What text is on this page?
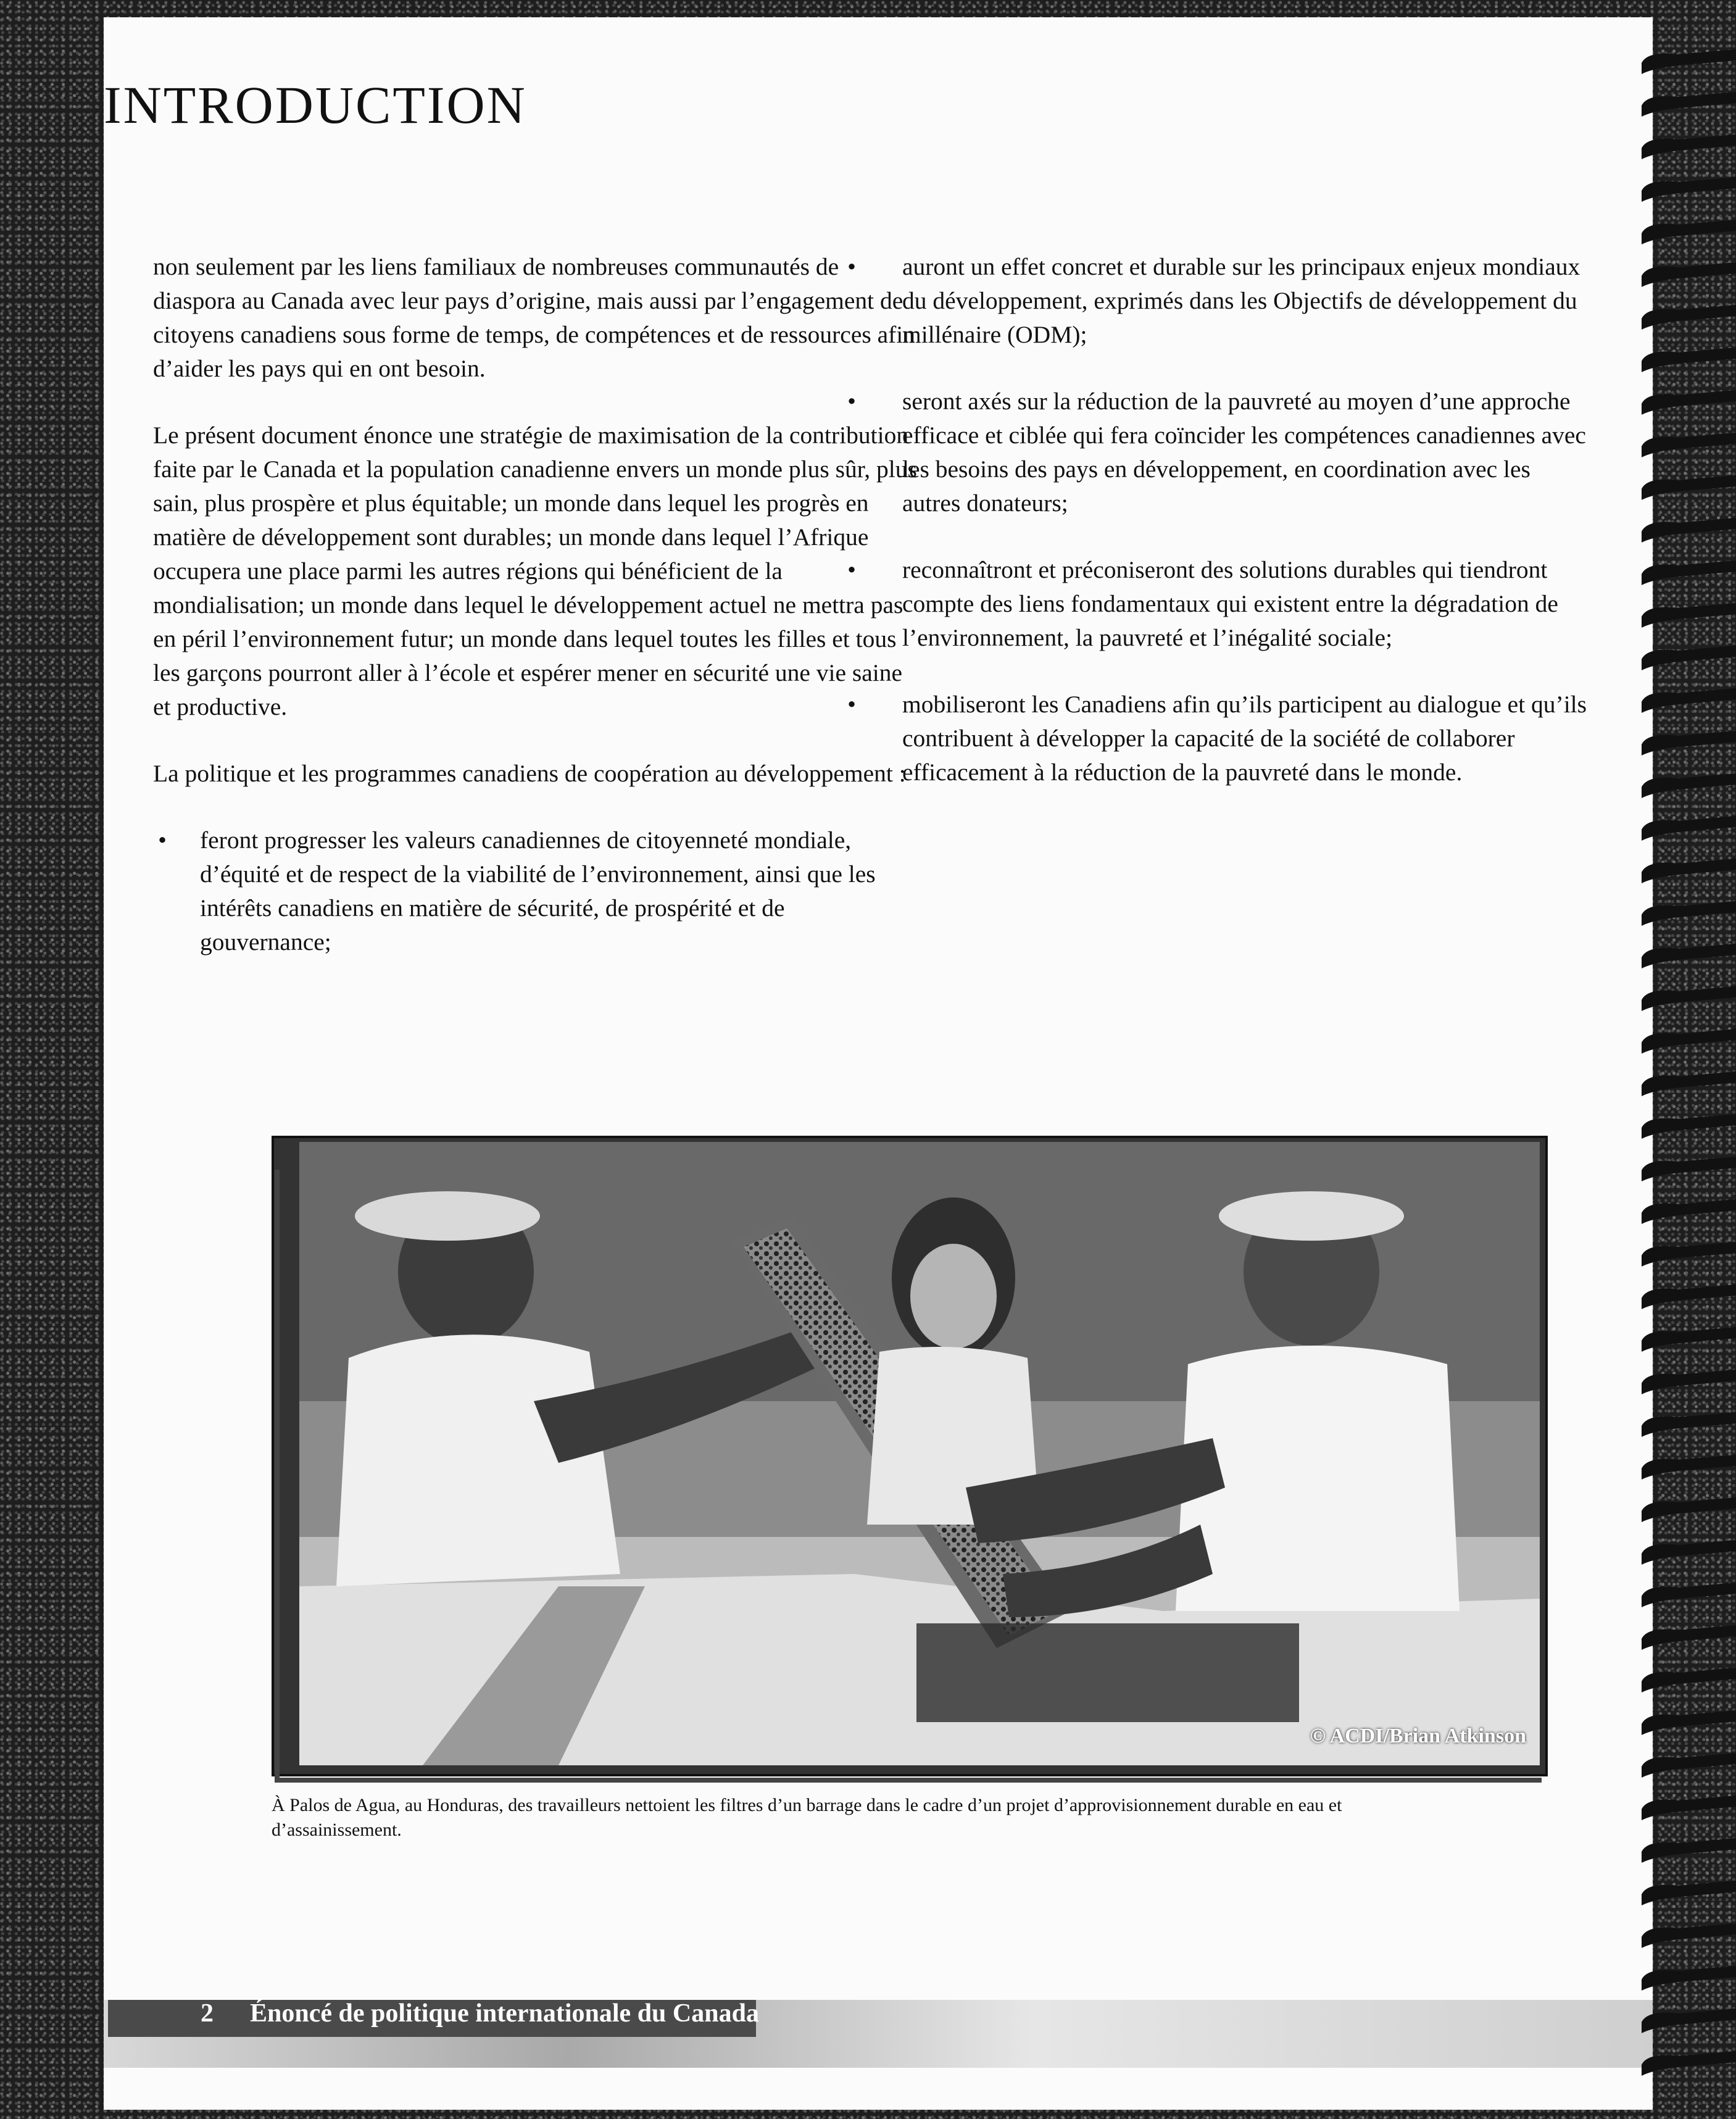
INTRODUCTION

non seulement par les liens familiaux de nombreuses communautés de diaspora au Canada avec leur pays d’origine, mais aussi par l’engagement de citoyens canadiens sous forme de temps, de compétences et de ressources afin d’aider les pays qui en ont besoin.

Le présent document énonce une stratégie de maximisation de la contribution faite par le Canada et la population canadienne envers un monde plus sûr, plus sain, plus prospère et plus équitable; un monde dans lequel les progrès en matière de développement sont durables; un monde dans lequel l’Afrique occupera une place parmi les autres régions qui bénéficient de la mondialisation; un monde dans lequel le développement actuel ne mettra pas en péril l’environnement futur; un monde dans lequel toutes les filles et tous les garçons pourront aller à l’école et espérer mener en sécurité une vie saine et productive.

La politique et les programmes canadiens de coopération au développement :

• feront progresser les valeurs canadiennes de citoyenneté mondiale, d’équité et de respect de la viabilité de l’environnement, ainsi que les intérêts canadiens en matière de sécurité, de prospérité et de gouvernance;
• auront un effet concret et durable sur les principaux enjeux mondiaux du développement, exprimés dans les Objectifs de développement du millénaire (ODM);
• seront axés sur la réduction de la pauvreté au moyen d’une approche efficace et ciblée qui fera coïncider les compétences canadiennes avec les besoins des pays en développement, en coordination avec les autres donateurs;
• reconnaîtront et préconiseront des solutions durables qui tiendront compte des liens fondamentaux qui existent entre la dégradation de l’environnement, la pauvreté et l’inégalité sociale;
• mobiliseront les Canadiens afin qu’ils participent au dialogue et qu’ils contribuent à développer la capacité de la société de collaborer efficacement à la réduction de la pauvreté dans le monde.
© ACDI/Brian Atkinson
À Palos de Agua, au Honduras, des travailleurs nettoient les filtres d’un barrage dans le cadre d’un projet d’approvisionnement durable en eau et d’assainissement.
2 Énoncé de politique internationale du Canada
